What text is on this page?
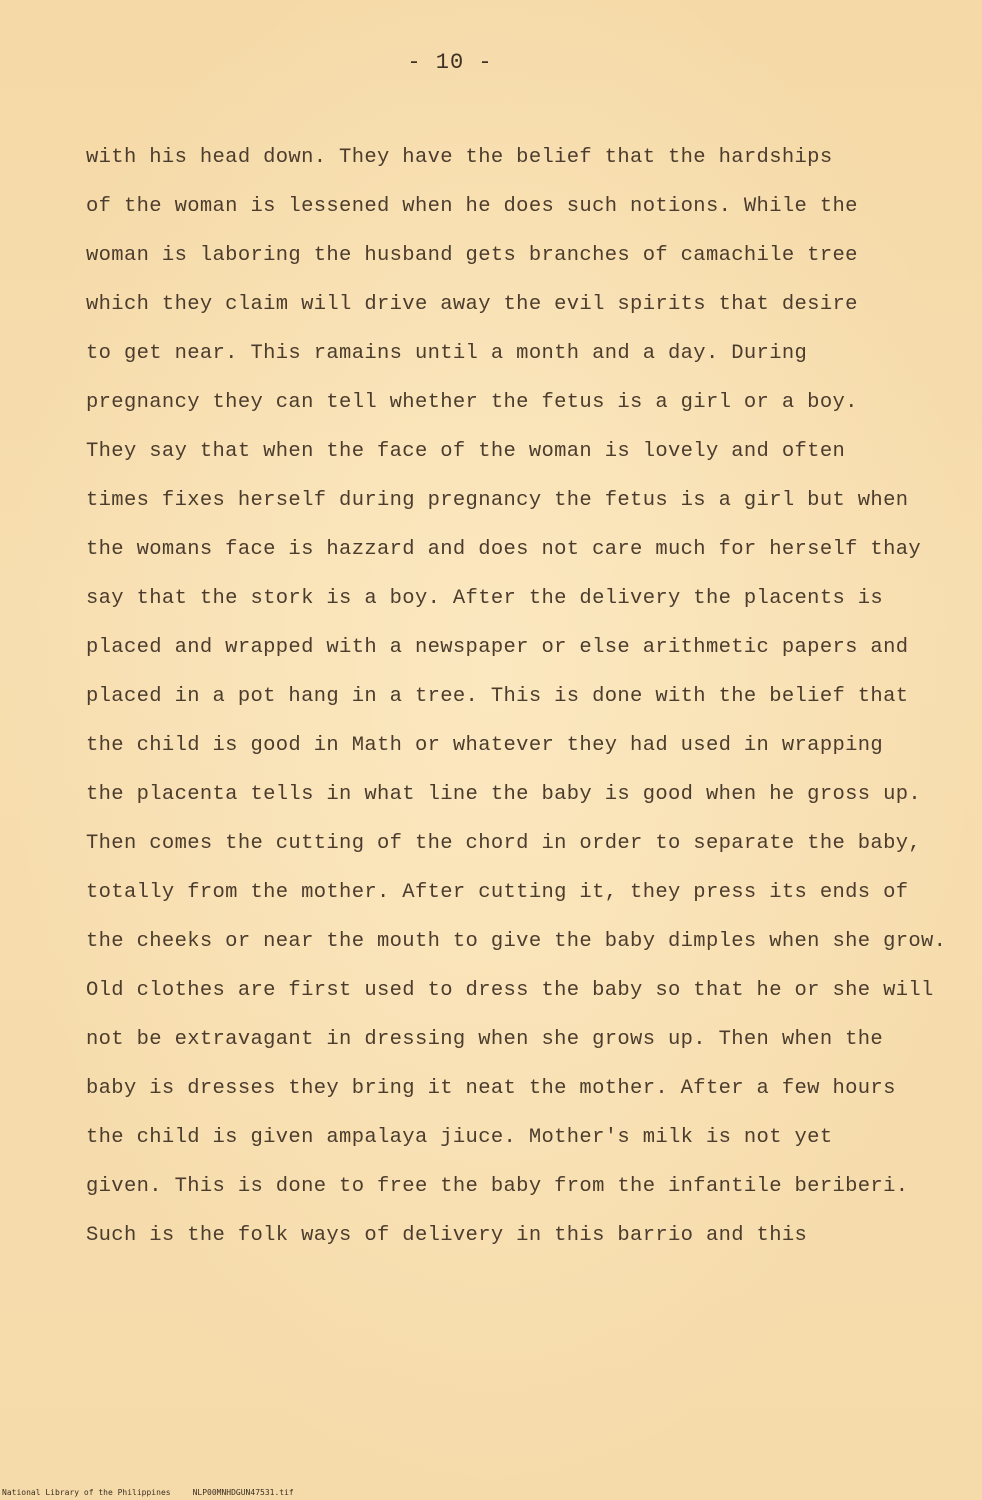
- 10 -
with his head down. They have the belief that the hardships
of the woman is lessened when he does such notions. While the
woman is laboring the husband gets branches of camachile tree
which they claim will drive away the evil spirits that desire
to get near. This ramains until a month and a day. During
pregnancy they can tell whether the fetus is a girl or a boy.
They say that when the face of the woman is lovely and often
times fixes herself during pregnancy the fetus is a girl but when
the womans face is hazzard and does not care much for herself thay
say that the stork is a boy. After the delivery the placents is
placed and wrapped with a newspaper or else arithmetic papers and
placed in a pot hang in a tree. This is done with the belief that
the child is good in Math or whatever they had used in wrapping
the placenta tells in what line the baby is good when he gross up.
Then comes the cutting of the chord in order to separate the baby,
totally from the mother. After cutting it, they press its ends of
the cheeks or near the mouth to give the baby dimples when she grow.
Old clothes are first used to dress the baby so that he or she will
not be extravagant in dressing when she grows up. Then when the
baby is dresses they bring it neat the mother. After a few hours
the child is given ampalaya jiuce. Mother's milk is not yet
given. This is done to free the baby from the infantile beriberi.
Such is the folk ways of delivery in this barrio and this
National Library of the Philippines	NLP00MNHDGUN47531.tif
